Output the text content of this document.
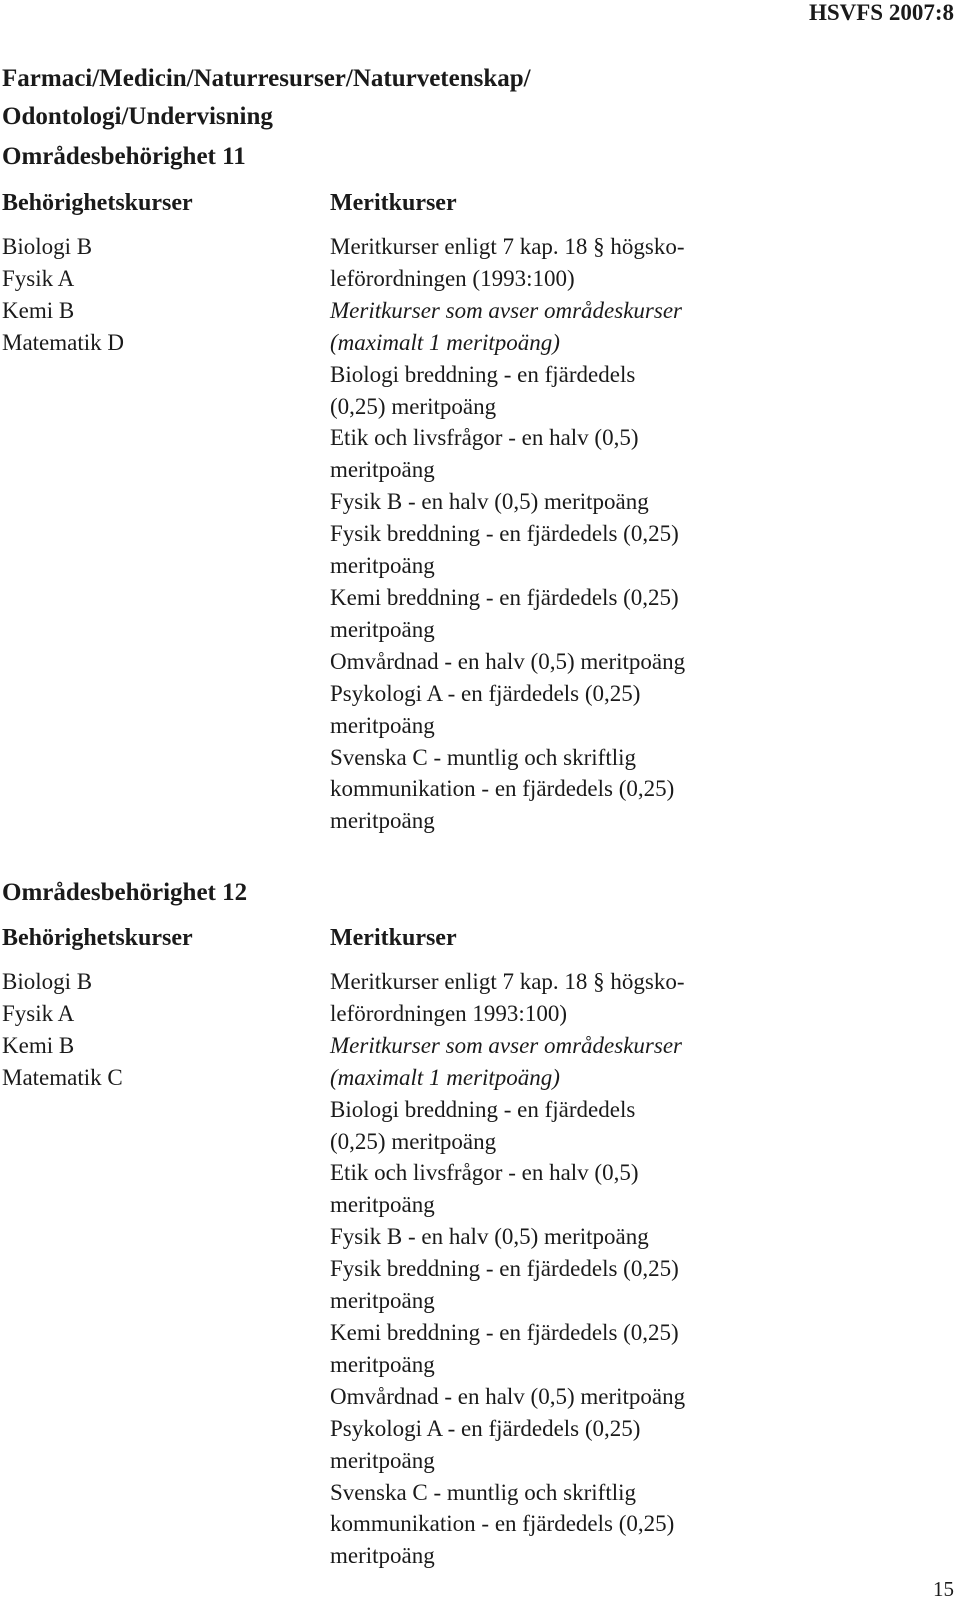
HSVFS 2007:8
Farmaci/Medicin/Naturresurser/Naturvetenskap/
Odontologi/Undervisning
Områdesbehörighet 11
Behörighetskurser	Meritkurser
Biologi B
Fysik A
Kemi B
Matematik D
Meritkurser enligt 7 kap. 18 § högsko-
leförordningen (1993:100)
Meritkurser som avser områdeskurser
(maximalt 1 meritpoäng)
Biologi breddning - en fjärdedels
(0,25) meritpoäng
Etik och livsfrågor - en halv (0,5)
meritpoäng
Fysik B - en halv (0,5) meritpoäng
Fysik breddning - en fjärdedels (0,25)
meritpoäng
Kemi breddning - en fjärdedels (0,25)
meritpoäng
Omvårdnad - en halv (0,5) meritpoäng
Psykologi A - en fjärdedels (0,25)
meritpoäng
Svenska C - muntlig och skriftlig
kommunikation - en fjärdedels (0,25)
meritpoäng
Områdesbehörighet 12
Behörighetskurser	Meritkurser
Biologi B
Fysik A
Kemi B
Matematik C
Meritkurser enligt 7 kap. 18 § högsko-
leförordningen 1993:100)
Meritkurser som avser områdeskurser
(maximalt 1 meritpoäng)
Biologi breddning - en fjärdedels
(0,25) meritpoäng
Etik och livsfrågor - en halv (0,5)
meritpoäng
Fysik B - en halv (0,5) meritpoäng
Fysik breddning - en fjärdedels (0,25)
meritpoäng
Kemi breddning - en fjärdedels (0,25)
meritpoäng
Omvårdnad - en halv (0,5) meritpoäng
Psykologi A - en fjärdedels (0,25)
meritpoäng
Svenska C - muntlig och skriftlig
kommunikation - en fjärdedels (0,25)
meritpoäng
15
